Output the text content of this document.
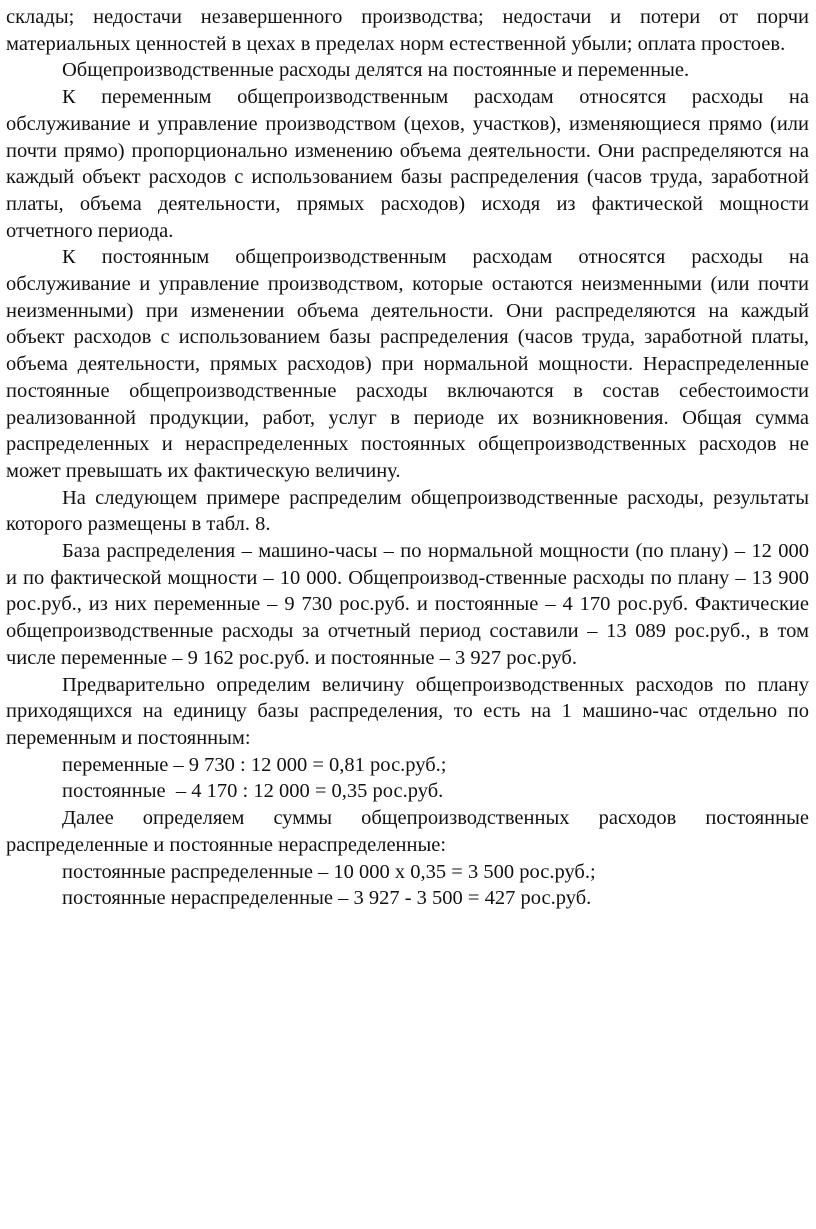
склады; недостачи незавершенного производства; недостачи и потери от порчи материальных ценностей в цехах в пределах норм естественной убыли; оплата простоев.

Общепроизводственные расходы делятся на постоянные и переменные.

К переменным общепроизводственным расходам относятся расходы на обслуживание и управление производством (цехов, участков), изменяющиеся прямо (или почти прямо) пропорционально изменению объема деятельности. Они распределяются на каждый объект расходов с использованием базы распределения (часов труда, заработной платы, объема деятельности, прямых расходов) исходя из фактической мощности отчетного периода.

К постоянным общепроизводственным расходам относятся расходы на обслуживание и управление производством, которые остаются неизменными (или почти неизменными) при изменении объема деятельности. Они распределяются на каждый объект расходов с использованием базы распределения (часов труда, заработной платы, объема деятельности, прямых расходов) при нормальной мощности. Нераспределенные постоянные общепроизводственные расходы включаются в состав себестоимости реализованной продукции, работ, услуг в периоде их возникновения. Общая сумма распределенных и нераспределенных постоянных общепроизводственных расходов не может превышать их фактическую величину.

На следующем примере распределим общепроизводственные расходы, результаты которого размещены в табл. 8.

База распределения – машино-часы – по нормальной мощности (по плану) – 12 000 и по фактической мощности – 10 000. Общепроизвод-ственные расходы по плану – 13 900 рос.руб., из них переменные – 9 730 рос.руб. и постоянные – 4 170 рос.руб. Фактические общепроизводственные расходы за отчетный период составили – 13 089 рос.руб., в том числе переменные – 9 162 рос.руб. и постоянные – 3 927 рос.руб.

Предварительно определим величину общепроизводственных расходов по плану приходящихся на единицу базы распределения, то есть на 1 машино-час отдельно по переменным и постоянным:

переменные – 9 730 : 12 000 = 0,81 рос.руб.;

постоянные  – 4 170 : 12 000 = 0,35 рос.руб.

Далее определяем суммы общепроизводственных расходов постоянные распределенные и постоянные нераспределенные:

постоянные распределенные – 10 000 х 0,35 = 3 500 рос.руб.;

постоянные нераспределенные – 3 927 - 3 500 = 427 рос.руб.
